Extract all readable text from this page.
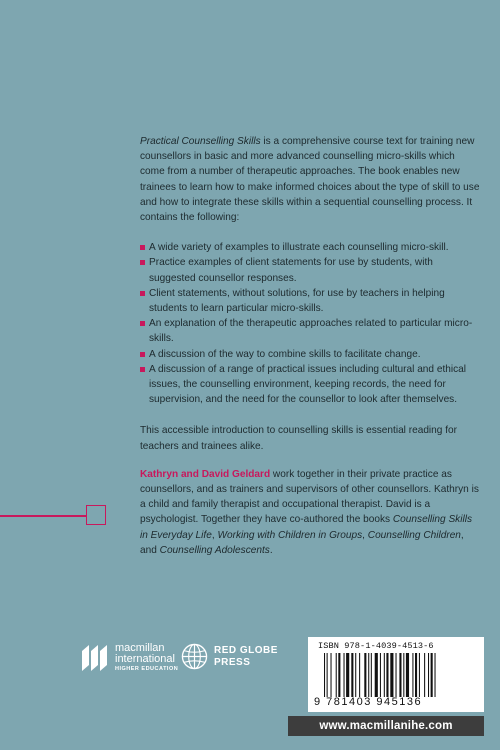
Practical Counselling Skills is a comprehensive course text for training new counsellors in basic and more advanced counselling micro-skills which come from a number of therapeutic approaches. The book enables new trainees to learn how to make informed choices about the type of skill to use and how to integrate these skills within a sequential counselling process. It contains the following:

A wide variety of examples to illustrate each counselling micro-skill.
Practice examples of client statements for use by students, with suggested counsellor responses.
Client statements, without solutions, for use by teachers in helping students to learn particular micro-skills.
An explanation of the therapeutic approaches related to particular micro-skills.
A discussion of the way to combine skills to facilitate change.
A discussion of a range of practical issues including cultural and ethical issues, the counselling environment, keeping records, the need for supervision, and the need for the counsellor to look after themselves.

This accessible introduction to counselling skills is essential reading for teachers and trainees alike.

Kathryn and David Geldard work together in their private practice as counsellors, and as trainers and supervisors of other counsellors. Kathryn is a child and family therapist and occupational therapist. David is a psychologist. Together they have co-authored the books Counselling Skills in Everyday Life, Working with Children in Groups, Counselling Children, and Counselling Adolescents.

macmillan
international
HIGHER EDUCATION
RED GLOBE
PRESS
ISBN 978-1-4039-4513-6
9 781403 945136
www.macmillanihe.com
